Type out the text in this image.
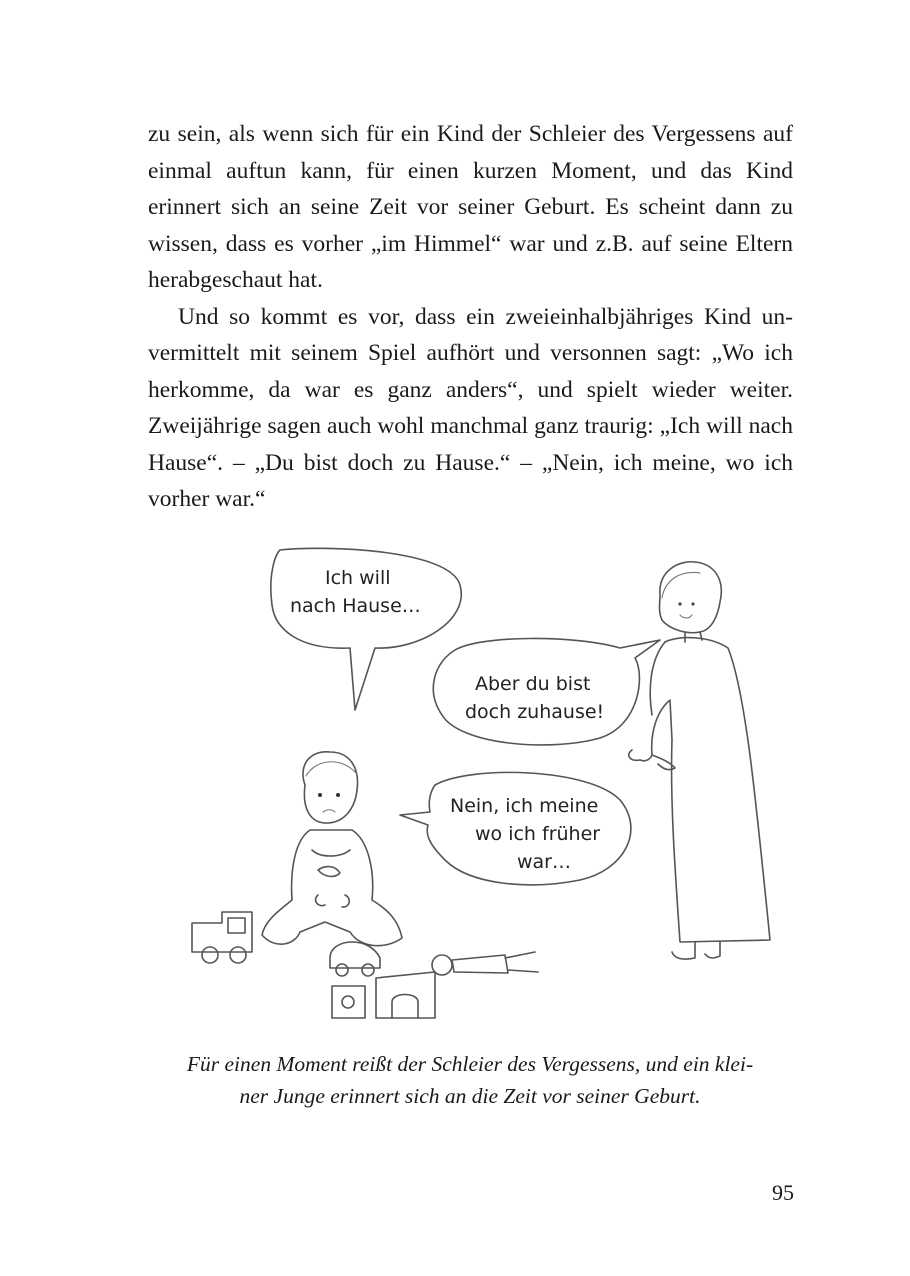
zu sein, als wenn sich für ein Kind der Schleier des Vergessens auf einmal auftun kann, für einen kurzen Moment, und das Kind erinnert sich an seine Zeit vor seiner Geburt. Es scheint dann zu wissen, dass es vorher „im Himmel“ war und z.B. auf seine Eltern herabgeschaut hat.

Und so kommt es vor, dass ein zweieinhalbjähriges Kind unvermittelt mit seinem Spiel aufhört und versonnen sagt: „Wo ich herkomme, da war es ganz anders“, und spielt wieder weiter. Zweijährige sagen auch wohl manchmal ganz traurig: „Ich will nach Hause“. – „Du bist doch zu Hause.“ – „Nein, ich meine, wo ich vorher war.“

Ich will
nach Hause…
Aber du bist
doch zuhause!
Nein, ich meine
wo ich früher
war…
Für einen Moment reißt der Schleier des Vergessens, und ein klei-
ner Junge erinnert sich an die Zeit vor seiner Geburt.
95
